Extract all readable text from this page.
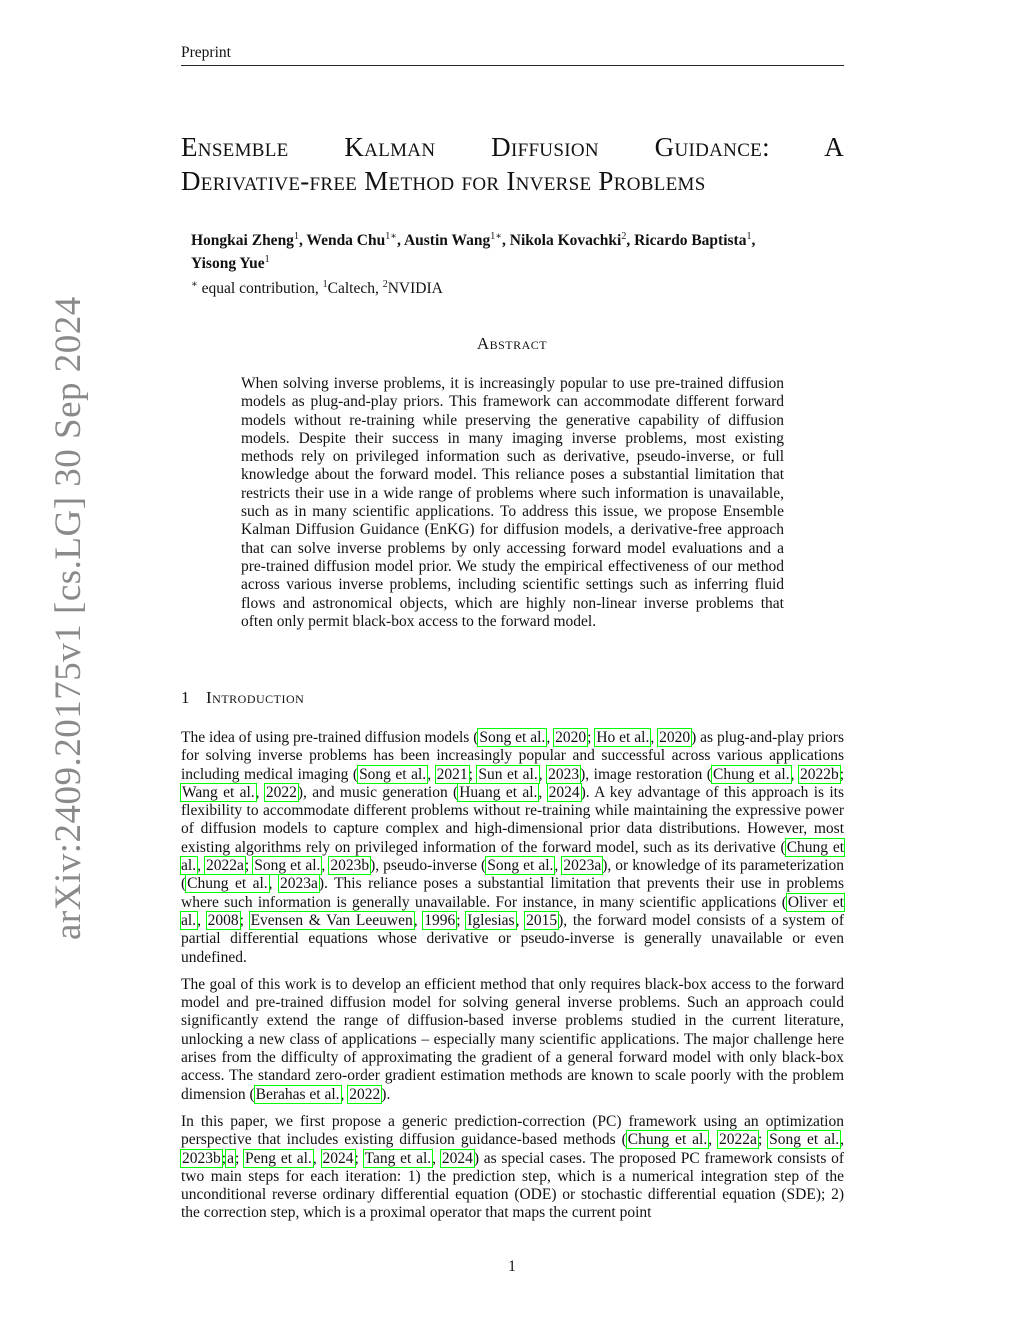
Preprint
arXiv:2409.20175v1 [cs.LG] 30 Sep 2024
Ensemble Kalman Diffusion Guidance: A
Derivative-free Method for Inverse Problems
Hongkai Zheng$^1$, Wenda Chu$^{1∗}$, Austin Wang$^{1∗}$, Nikola Kovachki$^2$, Ricardo Baptista$^1$,
Yisong Yue$^1$
∗ equal contribution, $^1$Caltech, $^2$NVIDIA
Abstract
When solving inverse problems, it is increasingly popular to use pre-trained diffusion models as plug-and-play priors. This framework can accommodate different forward models without re-training while preserving the generative capability of diffusion models. Despite their success in many imaging inverse problems, most existing methods rely on privileged information such as derivative, pseudo-inverse, or full knowledge about the forward model. This reliance poses a substantial limitation that restricts their use in a wide range of problems where such information is unavailable, such as in many scientific applications. To address this issue, we propose Ensemble Kalman Diffusion Guidance (EnKG) for diffusion models, a derivative-free approach that can solve inverse problems by only accessing forward model evaluations and a pre-trained diffusion model prior. We study the empirical effectiveness of our method across various inverse problems, including scientific settings such as inferring fluid flows and astronomical objects, which are highly non-linear inverse problems that often only permit black-box access to the forward model.
1 Introduction

The idea of using pre-trained diffusion models (Song et al., 2020; Ho et al., 2020) as plug-and-play priors for solving inverse problems has been increasingly popular and successful across various applications including medical imaging (Song et al., 2021; Sun et al., 2023), image restoration (Chung et al., 2022b; Wang et al., 2022), and music generation (Huang et al., 2024). A key advantage of this approach is its flexibility to accommodate different problems without re-training while maintaining the expressive power of diffusion models to capture complex and high-dimensional prior data distributions. However, most existing algorithms rely on privileged information of the forward model, such as its derivative (Chung et al., 2022a; Song et al., 2023b), pseudo-inverse (Song et al., 2023a), or knowledge of its parameterization (Chung et al., 2023a). This reliance poses a substantial limitation that prevents their use in problems where such information is generally unavailable. For instance, in many scientific applications (Oliver et al., 2008; Evensen & Van Leeuwen, 1996; Iglesias, 2015), the forward model consists of a system of partial differential equations whose derivative or pseudo-inverse is generally unavailable or even undefined.

The goal of this work is to develop an efficient method that only requires black-box access to the forward model and pre-trained diffusion model for solving general inverse problems. Such an approach could significantly extend the range of diffusion-based inverse problems studied in the current literature, unlocking a new class of applications – especially many scientific applications. The major challenge here arises from the difficulty of approximating the gradient of a general forward model with only black-box access. The standard zero-order gradient estimation methods are known to scale poorly with the problem dimension (Berahas et al., 2022).

In this paper, we first propose a generic prediction-correction (PC) framework using an optimization perspective that includes existing diffusion guidance-based methods (Chung et al., 2022a; Song et al., 2023b;a; Peng et al., 2024; Tang et al., 2024) as special cases. The proposed PC framework consists of two main steps for each iteration: 1) the prediction step, which is a numerical integration step of the unconditional reverse ordinary differential equation (ODE) or stochastic differential equation (SDE); 2) the correction step, which is a proximal operator that maps the current point

1
